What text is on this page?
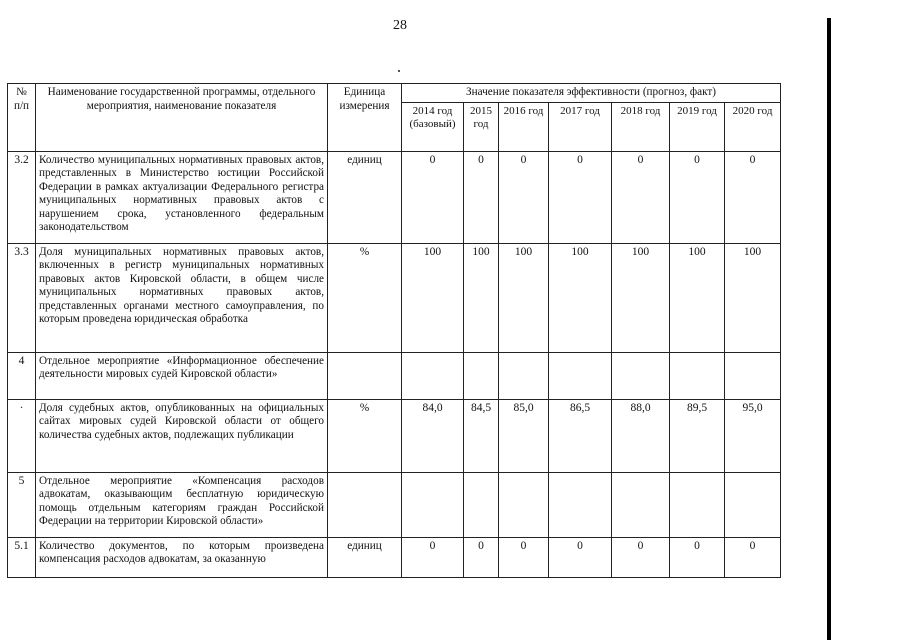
28
№ п/п	Наименование государственной программы, отдельного мероприятия, наименование показателя	Единица измерения	Значение показателя эффективности (прогноз, факт)						
			2014 год (базовый)	2015 год	2016 год	2017 год	2018 год	2019 год	2020 год
3.2	Количество муниципальных нормативных правовых актов, представленных в Министерство юстиции Российской Федерации в рамках актуализации Федерального регистра муниципальных нормативных правовых актов с нарушением срока, установленного федеральным законодательством	единиц	0	0	0	0	0	0	0
3.3	Доля муниципальных нормативных правовых актов, включенных в регистр муниципальных нормативных правовых актов Кировской области, в общем числе муниципальных нормативных правовых актов, представленных органами местного самоуправления, по которым проведена юридическая обработка	%	100	100	100	100	100	100	100
4	Отдельное мероприятие «Информационное обеспечение деятельности мировых судей Кировской области»								
·	Доля судебных актов, опубликованных на официальных сайтах мировых судей Кировской области от общего количества судебных актов, подлежащих публикации	%	84,0	84,5	85,0	86,5	88,0	89,5	95,0
5	Отдельное мероприятие «Компенсация расходов адвокатам, оказывающим бесплатную юридическую помощь отдельным категориям граждан Российской Федерации на территории Кировской области»								
5.1	Количество документов, по которым произведена компенсация расходов адвокатам, за оказанную	единиц	0	0	0	0	0	0	0
